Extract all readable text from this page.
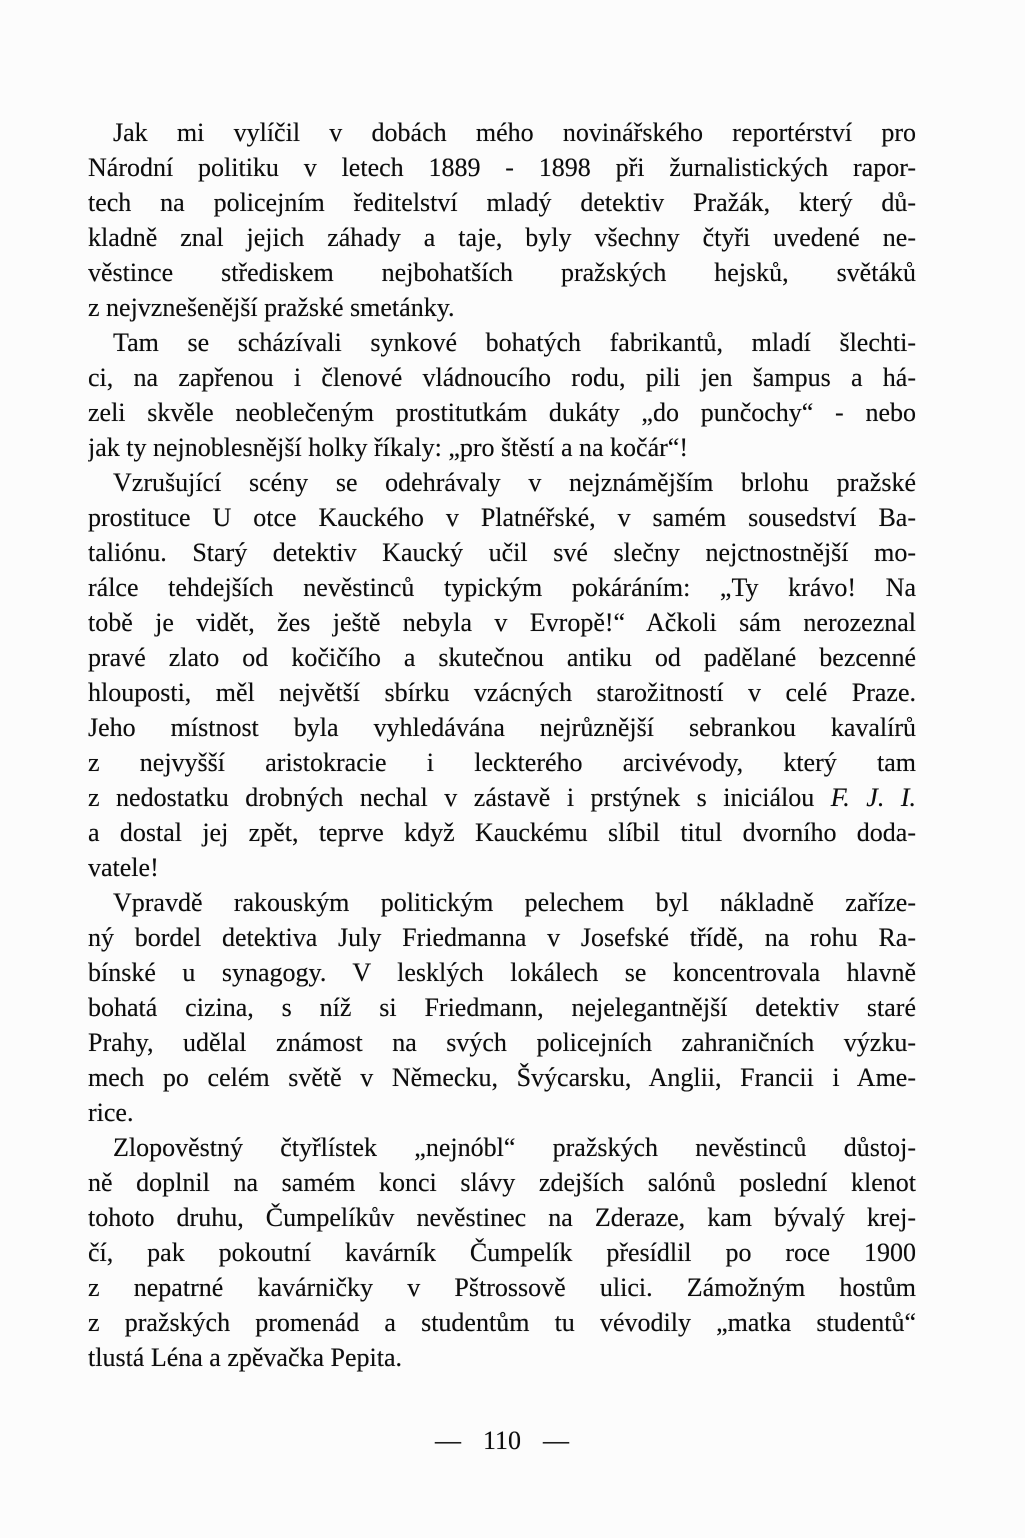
Jak mi vylíčil v dobách mého novinářského reportérství pro
Národní politiku v letech 1889 - 1898 při žurnalistických rapor-
tech na policejním ředitelství mladý detektiv Pražák, který dů-
kladně znal jejich záhady a taje, byly všechny čtyři uvedené ne-
věstince střediskem nejbohatších pražských hejsků, světáků
z nejvznešenější pražské smetánky.
Tam se scházívali synkové bohatých fabrikantů, mladí šlechti-
ci, na zapřenou i členové vládnoucího rodu, pili jen šampus a há-
zeli skvěle neoblečeným prostitutkám dukáty „do punčochy“ - nebo
jak ty nejnoblesnější holky říkaly: „pro štěstí a na kočár“!
Vzrušující scény se odehrávaly v nejznámějším brlohu pražské
prostituce U otce Kauckého v Platnéřské, v samém sousedství Ba-
taliónu. Starý detektiv Kaucký učil své slečny nejctnostnější mo-
rálce tehdejších nevěstinců typickým pokáráním: „Ty krávo! Na
tobě je vidět, žes ještě nebyla v Evropě!“ Ačkoli sám nerozeznal
pravé zlato od kočičího a skutečnou antiku od padělané bezcenné
hlouposti, měl největší sbírku vzácných starožitností v celé Praze.
Jeho místnost byla vyhledávána nejrůznější sebrankou kavalírů
z nejvyšší aristokracie i leckterého arcivévody, který tam
z nedostatku drobných nechal v zástavě i prstýnek s iniciálou F. J. I.
a dostal jej zpět, teprve když Kauckému slíbil titul dvorního doda-
vatele!
Vpravdě rakouským politickým pelechem byl nákladně zaříze-
ný bordel detektiva July Friedmanna v Josefské třídě, na rohu Ra-
bínské u synagogy. V lesklých lokálech se koncentrovala hlavně
bohatá cizina, s níž si Friedmann, nejelegantnější detektiv staré
Prahy, udělal známost na svých policejních zahraničních výzku-
mech po celém světě v Německu, Švýcarsku, Anglii, Francii i Ame-
rice.
Zlopověstný čtyřlístek „nejnóbl“ pražských nevěstinců důstoj-
ně doplnil na samém konci slávy zdejších salónů poslední klenot
tohoto druhu, Čumpelíkův nevěstinec na Zderaze, kam bývalý krej-
čí, pak pokoutní kavárník Čumpelík přesídlil po roce 1900
z nepatrné kavárničky v Pštrossově ulici. Zámožným hostům
z pražských promenád a studentům tu vévodily „matka studentů“
tlustá Léna a zpěvačka Pepita.
— 110 —
